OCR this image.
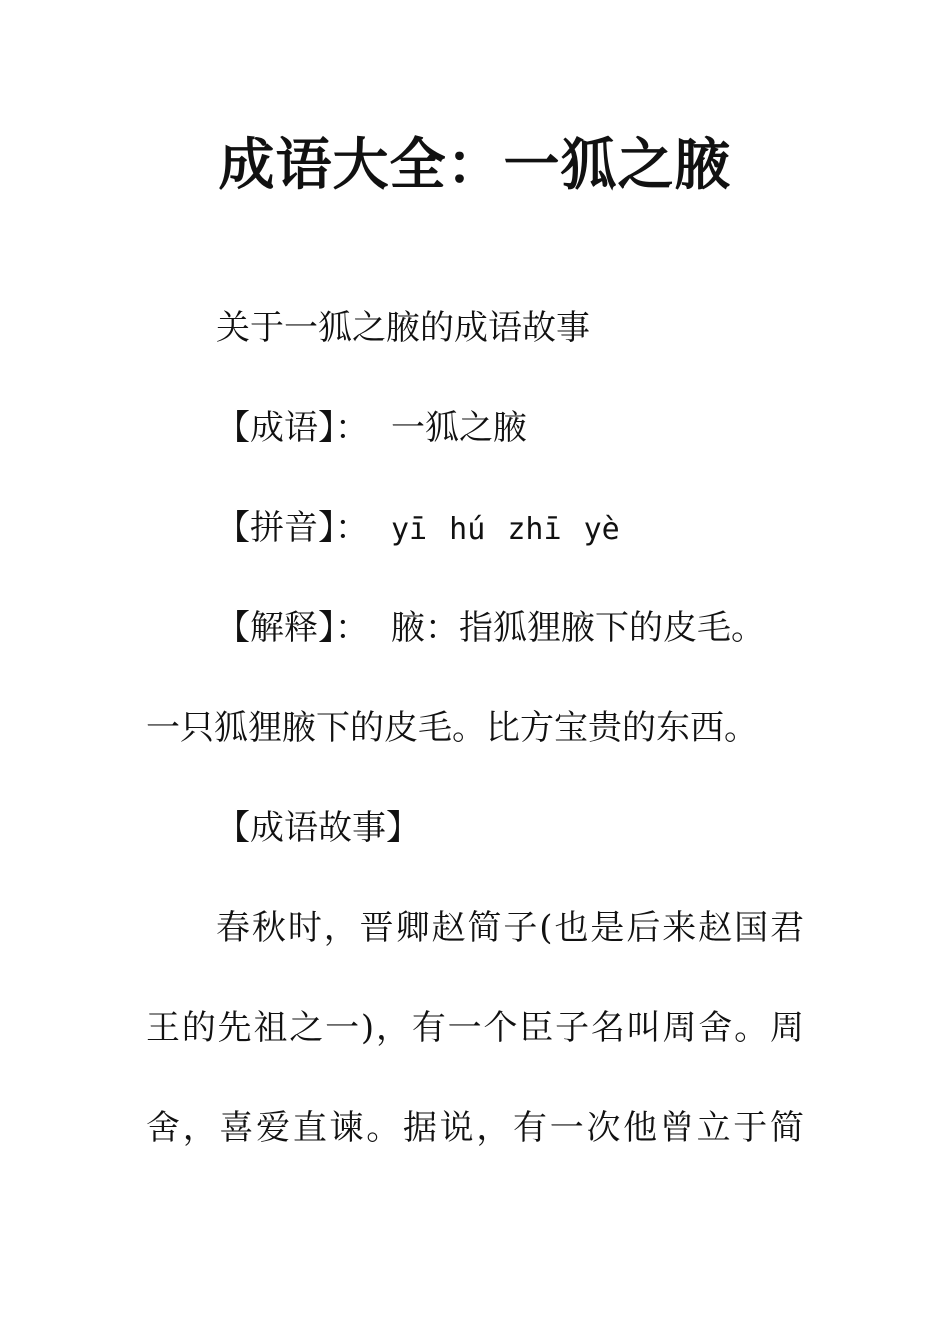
成语大全：一狐之腋
关于一狐之腋的成语故事
【成语】： 一狐之腋
【拼音】： yī hú zhī yè
【解释】： 腋：指狐狸腋下的皮毛。
一只狐狸腋下的皮毛。比方宝贵的东西。
【成语故事】
春秋时，晋卿赵简子(也是后来赵国君
王的先祖之一)，有一个臣子名叫周舍。周
舍，喜爱直谏。据说，有一次他曾立于简
